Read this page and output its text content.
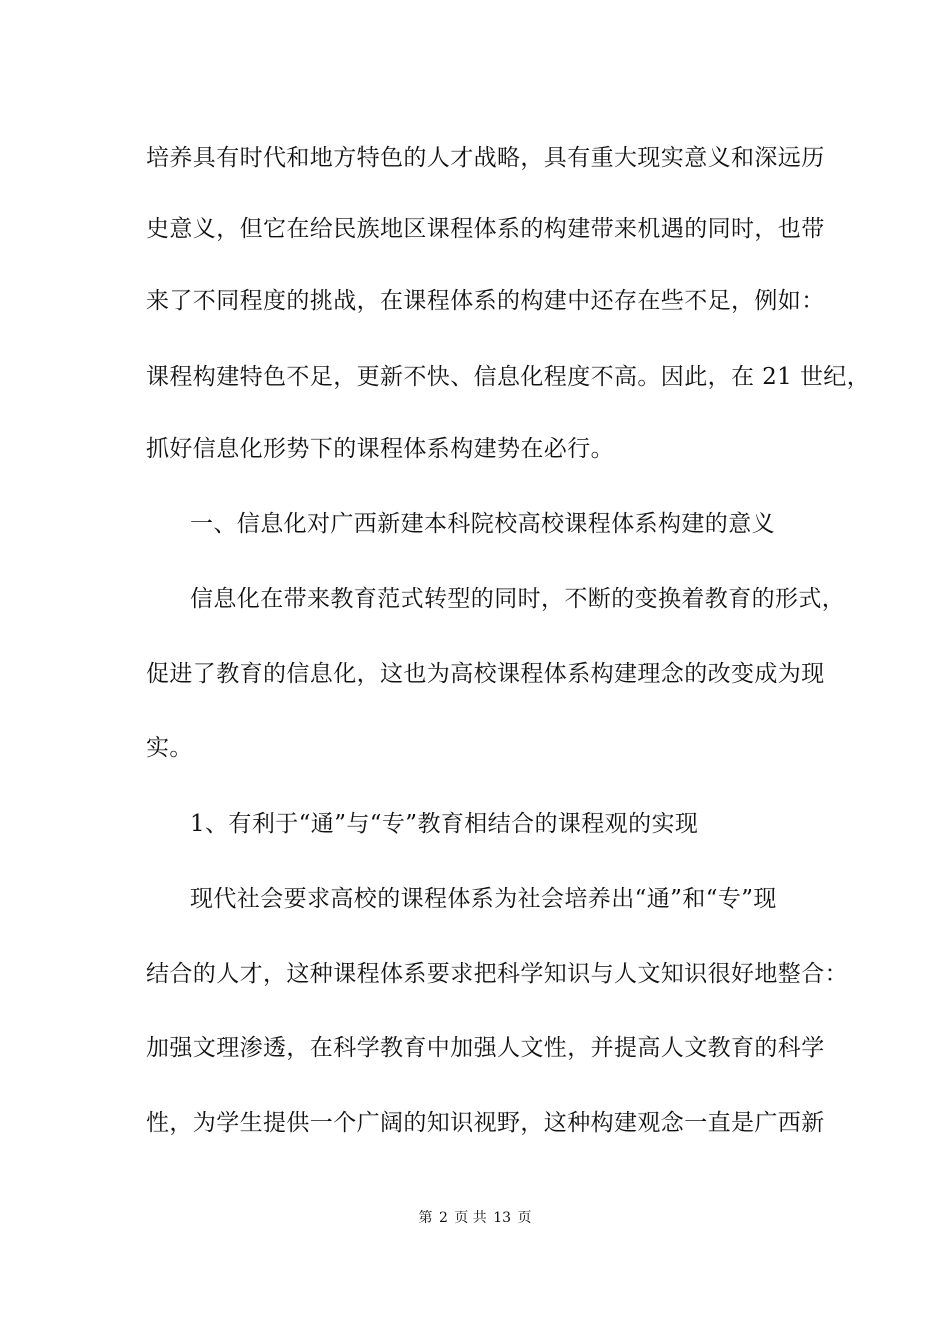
培养具有时代和地方特色的人才战略，具有重大现实意义和深远历

史意义，但它在给民族地区课程体系的构建带来机遇的同时，也带

来了不同程度的挑战，在课程体系的构建中还存在些不足，例如：

课程构建特色不足，更新不快、信息化程度不高。因此，在 21 世纪，

抓好信息化形势下的课程体系构建势在必行。

一、信息化对广西新建本科院校高校课程体系构建的意义

信息化在带来教育范式转型的同时，不断的变换着教育的形式，

促进了教育的信息化，这也为高校课程体系构建理念的改变成为现

实。

1、有利于“通”与“专”教育相结合的课程观的实现

现代社会要求高校的课程体系为社会培养出“通”和“专”现

结合的人才，这种课程体系要求把科学知识与人文知识很好地整合：

加强文理渗透，在科学教育中加强人文性，并提高人文教育的科学

性，为学生提供一个广阔的知识视野，这种构建观念一直是广西新

第 2 页 共 13 页
